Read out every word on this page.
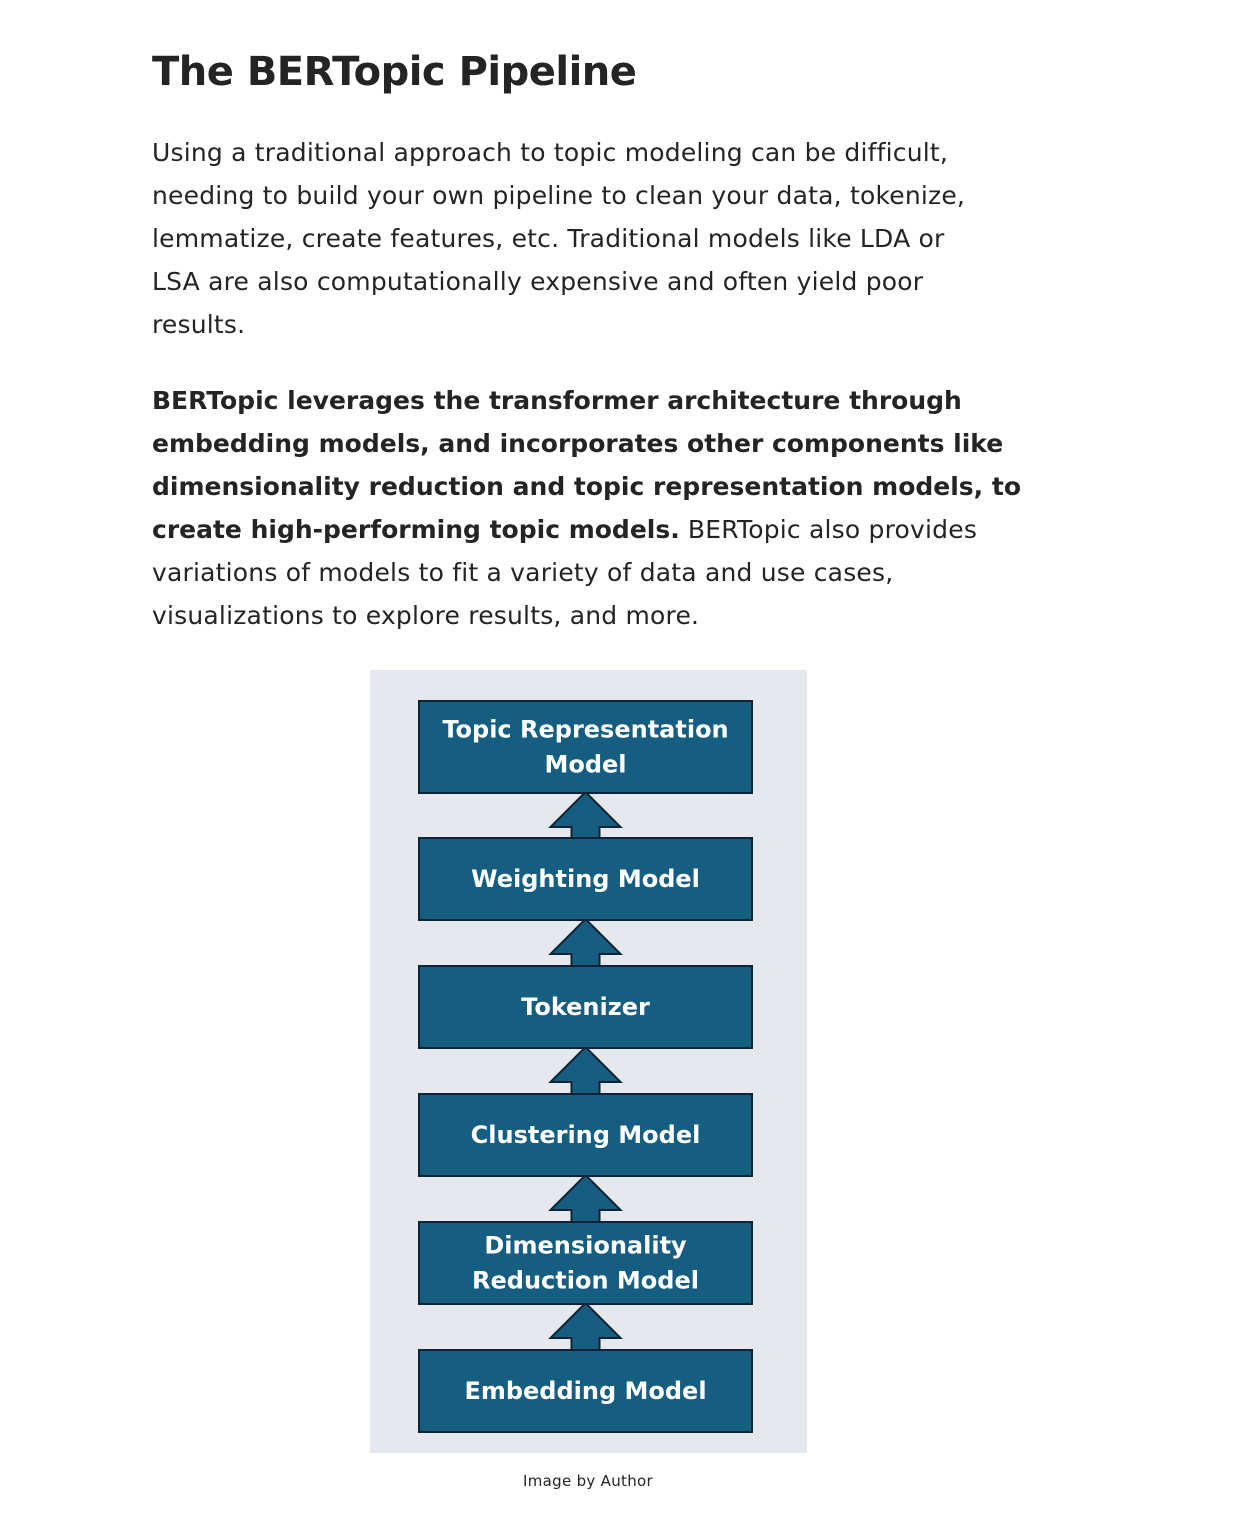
The BERTopic Pipeline

Using a traditional approach to topic modeling can be difficult,
needing to build your own pipeline to clean your data, tokenize,
lemmatize, create features, etc. Traditional models like LDA or
LSA are also computationally expensive and often yield poor
results.

BERTopic leverages the transformer architecture through
embedding models, and incorporates other components like
dimensionality reduction and topic representation models, to
create high-performing topic models. BERTopic also provides
variations of models to fit a variety of data and use cases,
visualizations to explore results, and more.

Topic Representation
Model
Weighting Model
Tokenizer
Clustering Model
Dimensionality
Reduction Model
Embedding Model
Image by Author
